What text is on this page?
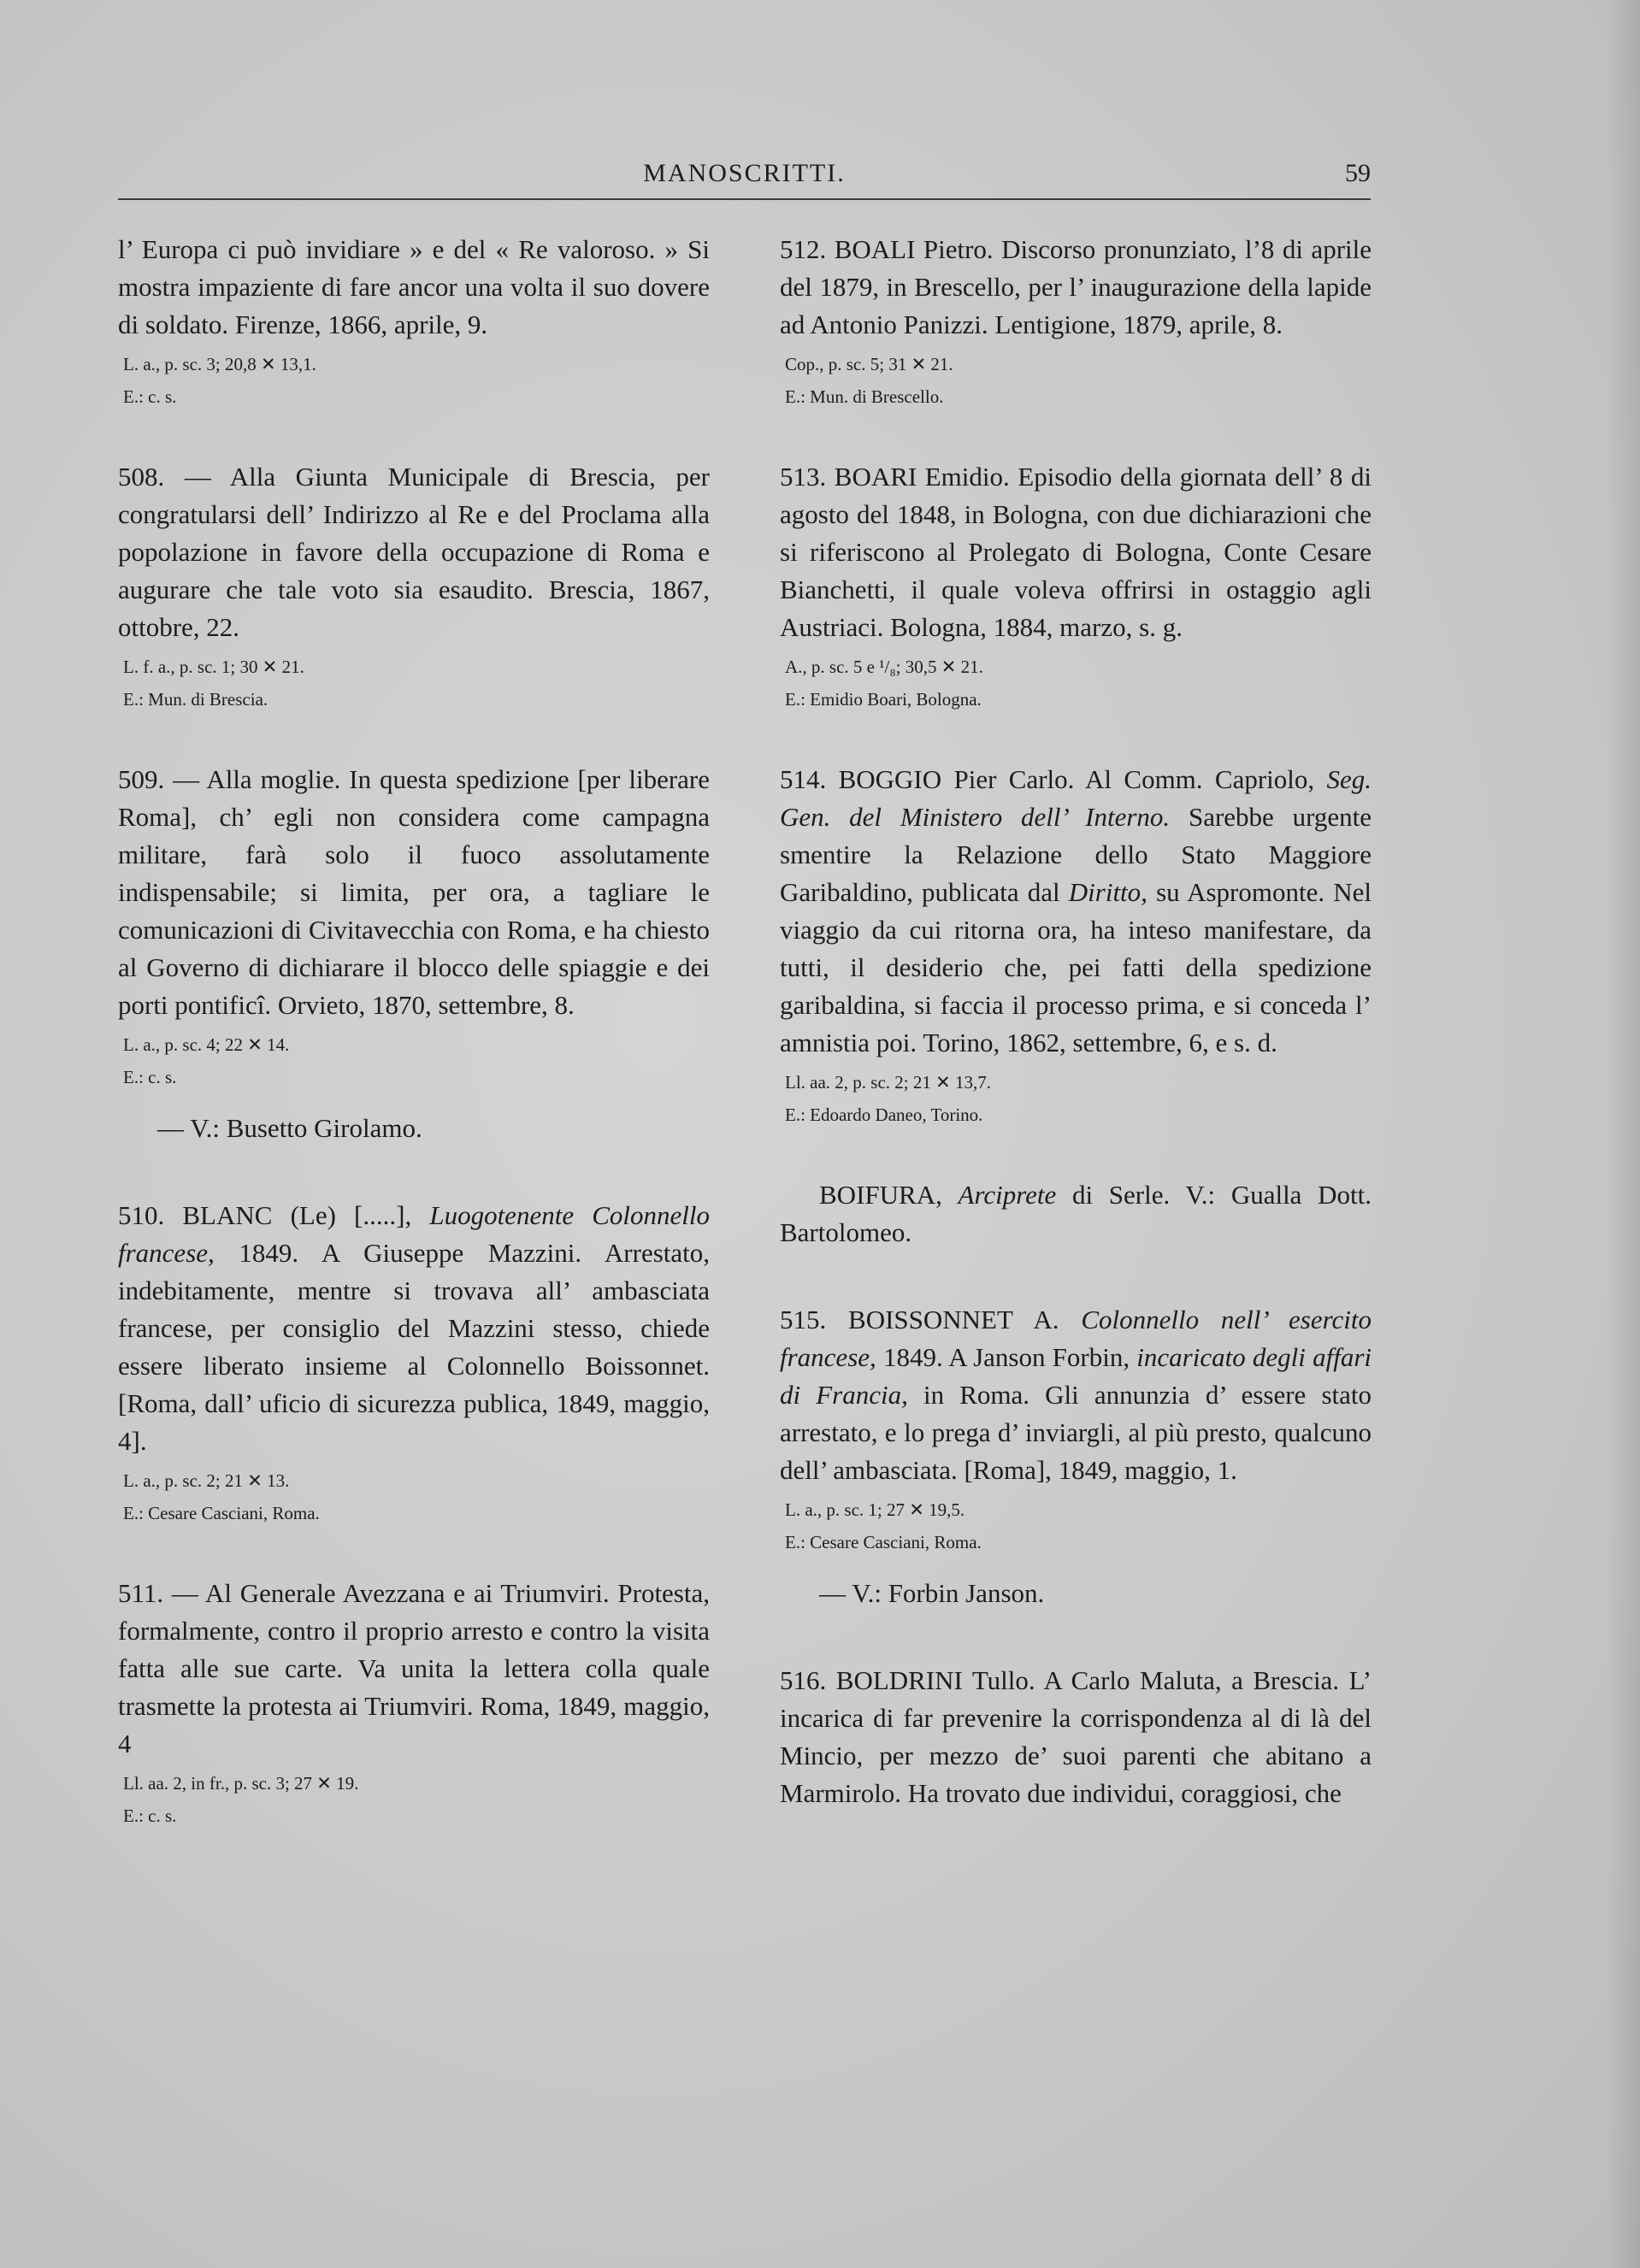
MANOSCRITTI.	59

l’ Europa ci può invidiare » e del « Re valoroso. » Si mostra impaziente di fare ancor una volta il suo dovere di soldato. Firenze, 1866, aprile, 9.

L. a., p. sc. 3; 20,8 ✕ 13,1.
E.: c. s.

508. — Alla Giunta Municipale di Brescia, per congratularsi dell’ Indirizzo al Re e del Proclama alla popolazione in favore della occupazione di Roma e augurare che tale voto sia esaudito. Brescia, 1867, ottobre, 22.

L. f. a., p. sc. 1; 30 ✕ 21.
E.: Mun. di Brescia.

509. — Alla moglie. In questa spedizione [per liberare Roma], ch’ egli non considera come campagna militare, farà solo il fuoco assolutamente indispensabile; si limita, per ora, a tagliare le comunicazioni di Civitavecchia con Roma, e ha chiesto al Governo di dichiarare il blocco delle spiaggie e dei porti pontificî. Orvieto, 1870, settembre, 8.

L. a., p. sc. 4; 22 ✕ 14.
E.: c. s.

— V.: Busetto Girolamo.

510. BLANC (Le) [.....], Luogotenente Colonnello francese, 1849. A Giuseppe Mazzini. Arrestato, indebitamente, mentre si trovava all’ ambasciata francese, per consiglio del Mazzini stesso, chiede essere liberato insieme al Colonnello Boissonnet. [Roma, dall’ uficio di sicurezza publica, 1849, maggio, 4].

L. a., p. sc. 2; 21 ✕ 13.
E.: Cesare Casciani, Roma.

511. — Al Generale Avezzana e ai Triumviri. Protesta, formalmente, contro il proprio arresto e contro la visita fatta alle sue carte. Va unita la lettera colla quale trasmette la protesta ai Triumviri. Roma, 1849, maggio, 4

Ll. aa. 2, in fr., p. sc. 3; 27 ✕ 19.
E.: c. s.

512. BOALI Pietro. Discorso pronunziato, l’8 di aprile del 1879, in Brescello, per l’ inaugurazione della lapide ad Antonio Panizzi. Lentigione, 1879, aprile, 8.

Cop., p. sc. 5; 31 ✕ 21.
E.: Mun. di Brescello.

513. BOARI Emidio. Episodio della giornata dell’ 8 di agosto del 1848, in Bologna, con due dichiarazioni che si riferiscono al Prolegato di Bologna, Conte Cesare Bianchetti, il quale voleva offrirsi in ostaggio agli Austriaci. Bologna, 1884, marzo, s. g.

A., p. sc. 5 e ¹/₈; 30,5 ✕ 21.
E.: Emidio Boari, Bologna.

514. BOGGIO Pier Carlo. Al Comm. Capriolo, Seg. Gen. del Ministero dell’ Interno. Sarebbe urgente smentire la Relazione dello Stato Maggiore Garibaldino, publicata dal Diritto, su Aspromonte. Nel viaggio da cui ritorna ora, ha inteso manifestare, da tutti, il desiderio che, pei fatti della spedizione garibaldina, si faccia il processo prima, e si conceda l’ amnistia poi. Torino, 1862, settembre, 6, e s. d.

Ll. aa. 2, p. sc. 2; 21 ✕ 13,7.
E.: Edoardo Daneo, Torino.

BOIFURA, Arciprete di Serle. V.: Gualla Dott. Bartolomeo.

515. BOISSONNET A. Colonnello nell’ esercito francese, 1849. A Janson Forbin, incaricato degli affari di Francia, in Roma. Gli annunzia d’ essere stato arrestato, e lo prega d’ inviargli, al più presto, qualcuno dell’ ambasciata. [Roma], 1849, maggio, 1.

L. a., p. sc. 1; 27 ✕ 19,5.
E.: Cesare Casciani, Roma.

— V.: Forbin Janson.

516. BOLDRINI Tullo. A Carlo Maluta, a Brescia. L’ incarica di far prevenire la corrispondenza al di là del Mincio, per mezzo de’ suoi parenti che abitano a Marmirolo. Ha trovato due individui, coraggiosi, che
